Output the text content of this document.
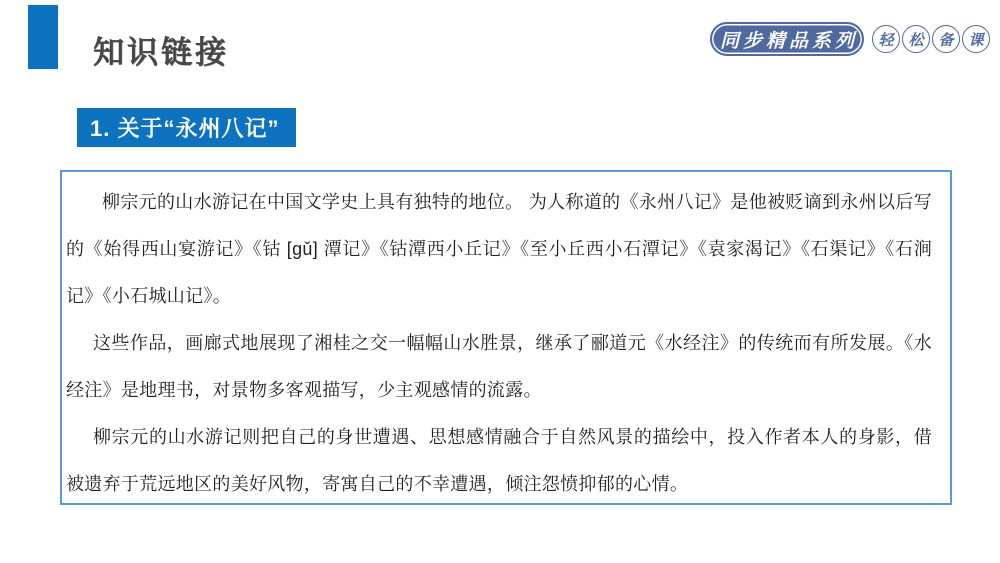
知识链接	同步精品系列	轻 松 备 课
1. 关于“永州八记”

柳宗元的山水游记在中国文学史上具有独特的地位。 为人称道的《永州八记》是他被贬谪到永州以后写的《始得西山宴游记》《钴 [gǔ] 潭记》《钴潭西小丘记》《至小丘西小石潭记》《袁家渴记》《石渠记》《石涧记》《小石城山记》。

这些作品，画廊式地展现了湘桂之交一幅幅山水胜景，继承了郦道元《水经注》的传统而有所发展。《水经注》是地理书，对景物多客观描写，少主观感情的流露。

柳宗元的山水游记则把自己的身世遭遇、思想感情融合于自然风景的描绘中，投入作者本人的身影，借被遗弃于荒远地区的美好风物，寄寓自己的不幸遭遇，倾注怨愤抑郁的心情。
